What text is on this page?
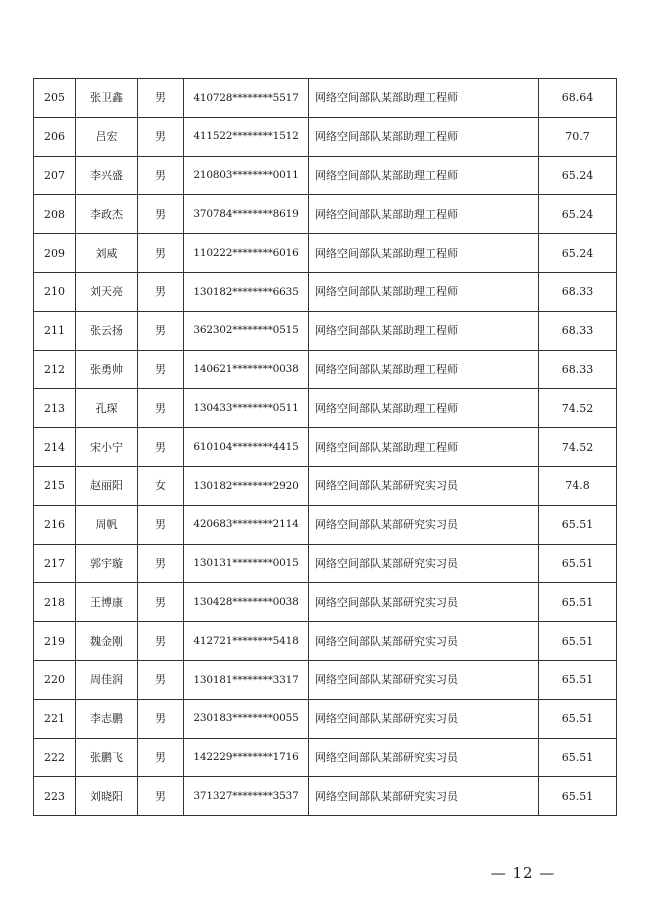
205	张卫鑫	男	410728********5517	网络空间部队某部助理工程师	68.64
206	吕宏	男	411522********1512	网络空间部队某部助理工程师	70.7
207	李兴盛	男	210803********0011	网络空间部队某部助理工程师	65.24
208	李政杰	男	370784********8619	网络空间部队某部助理工程师	65.24
209	刘威	男	110222********6016	网络空间部队某部助理工程师	65.24
210	刘天亮	男	130182********6635	网络空间部队某部助理工程师	68.33
211	张云扬	男	362302********0515	网络空间部队某部助理工程师	68.33
212	张勇帅	男	140621********0038	网络空间部队某部助理工程师	68.33
213	孔琛	男	130433********0511	网络空间部队某部助理工程师	74.52
214	宋小宁	男	610104********4415	网络空间部队某部助理工程师	74.52
215	赵丽阳	女	130182********2920	网络空间部队某部研究实习员	74.8
216	周帆	男	420683********2114	网络空间部队某部研究实习员	65.51
217	郭宇璇	男	130131********0015	网络空间部队某部研究实习员	65.51
218	王博康	男	130428********0038	网络空间部队某部研究实习员	65.51
219	魏金刚	男	412721********5418	网络空间部队某部研究实习员	65.51
220	周佳润	男	130181********3317	网络空间部队某部研究实习员	65.51
221	李志鹏	男	230183********0055	网络空间部队某部研究实习员	65.51
222	张鹏飞	男	142229********1716	网络空间部队某部研究实习员	65.51
223	刘晓阳	男	371327********3537	网络空间部队某部研究实习员	65.51
— 12 —
